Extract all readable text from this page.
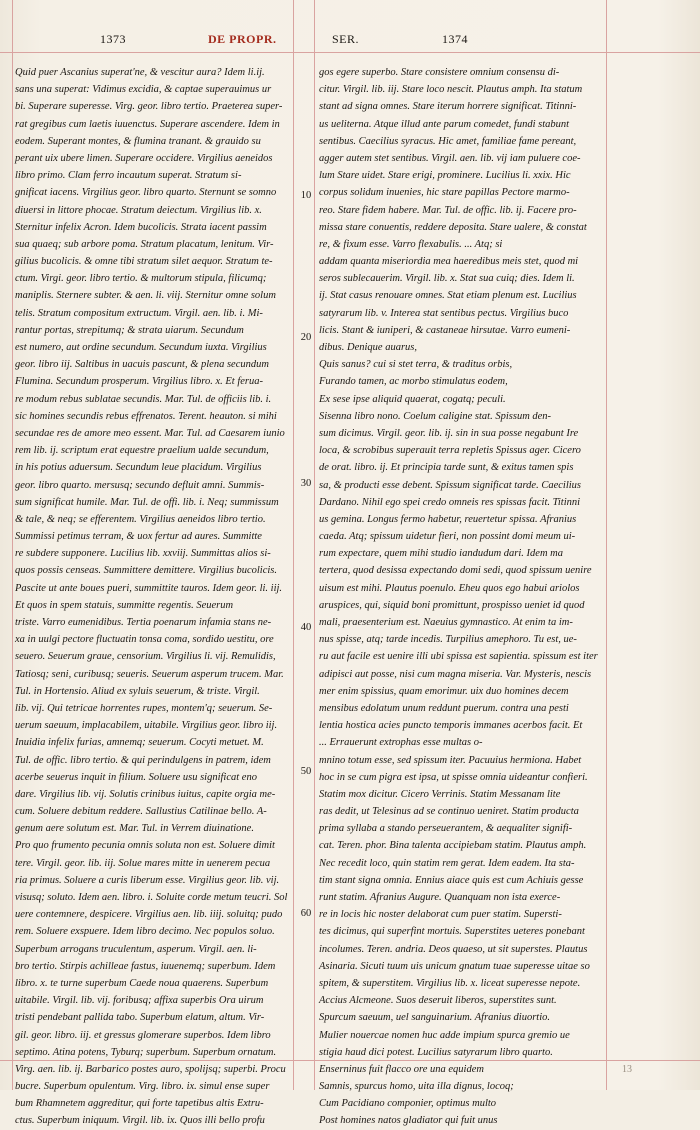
1373	DE PROPR.	SER.	1374
Quid puer Ascanius superat'ne, & vescitur aura? Idem li.ij.
sans una superat: Vidimus excidia, & captae superauimus ur
bi. Superare superesse. Virg. geor. libro tertio. Praeterea super-
rat gregibus cum laetis iuuenctus. Superare ascendere. Idem in
eodem. Superant montes, & flumina tranant. & grauido su
perant uix ubere limen. Superare occidere. Virgilius aeneidos
libro primo. Clam ferro incautum superat. Stratum si-
gnificat iacens. Virgilius geor. libro quarto. Sternunt se somno
diuersi in littore phocae. Stratum deiectum. Virgilius lib. x.
Sternitur infelix Acron. Idem bucolicis. Strata iacent passim
sua quaeq; sub arbore poma. Stratum placatum, lenitum. Vir-
gilius bucolicis. & omne tibi stratum silet aequor. Stratum te-
ctum. Virgi. geor. libro tertio. & multorum stipula, filicumq;
maniplis. Sternere subter. & aen. li. viij. Sternitur omne solum
telis. Stratum compositum extructum. Virgil. aen. lib. i. Mi-
rantur portas, strepitumq; & strata uiarum. Secundum
est numero, aut ordine secundum. Secundum iuxta. Virgilius
geor. libro iij. Saltibus in uacuis pascunt, & plena secundum
Flumina. Secundum prosperum. Virgilius libro. x. Et ferua-
re modum rebus sublatae secundis. Mar. Tul. de officiis lib. i.
sic homines secundis rebus effrenatos. Terent. heauton. si mihi
secundae res de amore meo essent. Mar. Tul. ad Caesarem iunio
rem lib. ij. scriptum erat equestre praelium ualde secundum,
in his potius aduersum. Secundum leue placidum. Virgilius
geor. libro quarto. mersusq; secundo defluit amni. Summis-
sum significat humile. Mar. Tul. de offi. lib. i. Neq; summissum
& tale, & neq; se efferentem. Virgilius aeneidos libro tertio.
Summissi petimus terram, & uox fertur ad aures. Summitte
re subdere supponere. Lucilius lib. xxviij. Summittas alios si-
quos possis censeas. Summittere demittere. Virgilius bucolicis.
Pascite ut ante boues pueri, summittite tauros. Idem geor. li. iij.
Et quos in spem statuis, summitte regentis. Seuerum
triste. Varro eumenidibus. Tertia poenarum infamia stans ne-
xa in uulgi pectore fluctuatin tonsa coma, sordido uestitu, ore
seuero. Seuerum graue, censorium. Virgilius li. vij. Remulidis,
Tatiosq; seni, curibusq; seueris. Seuerum asperum trucem. Mar.
Tul. in Hortensio. Aliud ex syluis seuerum, & triste. Virgil.
lib. vij. Qui tetricae horrentes rupes, montem'q; seuerum. Se-
uerum saeuum, implacabilem, uitabile. Virgilius geor. libro iij.
Inuidia infelix furias, amnemq; seuerum. Cocyti metuet. M.
Tul. de offic. libro tertio. & qui perindulgens in patrem, idem
acerbe seuerus inquit in filium. Soluere usu significat eno
dare. Virgilius lib. vij. Solutis crinibus iuitus, capite orgia me-
cum. Soluere debitum reddere. Sallustius Catilinae bello. A-
genum aere solutum est. Mar. Tul. in Verrem diuinatione.
Pro quo frumento pecunia omnis soluta non est. Soluere dimit
tere. Virgil. geor. lib. iij. Solue mares mitte in uenerem pecua
ria primus. Soluere a curis liberum esse. Virgilius geor. lib. vij.
visusq; soluto. Idem aen. libro. i. Soluite corde metum teucri. Sol
uere contemnere, despicere. Virgilius aen. lib. iiij. soluitq; pudo
rem. Soluere exspuere. Idem libro decimo. Nec populos soluo.
Superbum arrogans truculentum, asperum. Virgil. aen. li-
bro tertio. Stirpis achilleae fastus, iuuenemq; superbum. Idem
libro. x. te turne superbum Caede noua quaerens. Superbum
uitabile. Virgil. lib. vij. foribusq; affixa superbis Ora uirum
tristi pendebant pallida tabo. Superbum elatum, altum. Vir-
gil. geor. libro. iij. et gressus glomerare superbos. Idem libro
septimo. Atina potens, Tyburq; superbum. Superbum ornatum.
Virg. aen. lib. ij. Barbarico postes auro, spolijsq; superbi. Procu
bucre. Superbum opulentum. Virg. libro. ix. simul ense super
bum Rhamnetem aggreditur, qui forte tapetibus altis Extru-
ctus. Superbum iniquum. Virgil. lib. ix. Quos illi bello profu
10
20
30
40
50
60
gos egere superbo. Stare consistere omnium consensu di-
citur. Virgil. lib. iij. Stare loco nescit. Plautus amph. Ita statum
stant ad signa omnes. Stare iterum horrere significat. Titinni-
us ueliterna. Atque illud ante parum comedet, fundi stabunt
sentibus. Caecilius syracus. Hic amet, familiae fame pereant,
agger autem stet sentibus. Virgil. aen. lib. vij iam puluere coe-
lum Stare uidet. Stare erigi, prominere. Lucilius li. xxix. Hic
corpus solidum inuenies, hic stare papillas Pectore marmo-
reo. Stare fidem habere. Mar. Tul. de offic. lib. ij. Facere pro-
missa stare conuentis, reddere deposita. Stare ualere, & constat
re, & fixum esse. Varro flexabulis. ... Atq; si
addam quanta miseriordia mea haeredibus meis stet, quod mi
seros sublecauerim. Virgil. lib. x. Stat sua cuiq; dies. Idem li.
ij. Stat casus renouare omnes. Stat etiam plenum est. Lucilius
satyrarum lib. v. Interea stat sentibus pectus. Virgilius buco
licis. Stant & iuniperi, & castaneae hirsutae. Varro eumeni-
dibus. Denique auarus,
Quis sanus? cui si stet terra, & traditus orbis,
Furando tamen, ac morbo stimulatus eodem,
Ex sese ipse aliquid quaerat, cogatq; peculi.
Sisenna libro nono. Coelum caligine stat. Spissum den-
sum dicimus. Virgil. geor. lib. ij. sin in sua posse negabunt Ire
loca, & scrobibus superauit terra repletis Spissus ager. Cicero
de orat. libro. ij. Et principia tarde sunt, & exitus tamen spis
sa, & producti esse debent. Spissum significat tarde. Caecilius
Dardano. Nihil ego spei credo omneis res spissas facit. Titinni
us gemina. Longus fermo habetur, reuertetur spissa. Afranius
caeda. Atq; spissum uidetur fieri, non possint domi meum ui-
rum expectare, quem mihi studio iandudum dari. Idem ma
tertera, quod desissa expectando domi sedi, quod spissum uenire
uisum est mihi. Plautus poenulo. Eheu quos ego habui ariolos
aruspices, qui, siquid boni promittunt, prospisso ueniet id quod
mali, praesenterium est. Naeuius gymnastico. At enim ta im-
nus spisse, atq; tarde incedis. Turpilius amephoro. Tu est, ue-
ru aut facile est uenire illi ubi spissa est sapientia. spissum est iter
adipisci aut posse, nisi cum magna miseria. Var. Mysteris, nescis
mer enim spissius, quam emorimur. uix duo homines decem
mensibus edolatum unum reddunt puerum. contra una pesti
lentia hostica acies puncto temporis immanes acerbos facit. Et
... Errauerunt extrophas esse multas o-
mnino totum esse, sed spissum iter. Pacuuius hermiona. Habet
hoc in se cum pigra est ipsa, ut spisse omnia uideantur confieri.
Statim mox dicitur. Cicero Verrinis. Statim Messanam lite
ras dedit, ut Telesinus ad se continuo ueniret. Statim producta
prima syllaba a stando perseuerantem, & aequaliter signifi-
cat. Teren. phor. Bina talenta accipiebam statim. Plautus amph.
Nec recedit loco, quin statim rem gerat. Idem eadem. Ita sta-
tim stant signa omnia. Ennius aiace quis est cum Achiuis gesse
runt statim. Afranius Augure. Quanquam non ista exerce-
re in locis hic noster delaborat cum puer statim. Supersti-
tes dicimus, qui superfint mortuis. Superstites ueteres ponebant
incolumes. Teren. andria. Deos quaeso, ut sit superstes. Plautus
Asinaria. Sicuti tuum uis unicum gnatum tuae superesse uitae so
spitem, & superstitem. Virgilius lib. x. liceat superesse nepote.
Accius Alcmeone. Suos deseruit liberos, superstites sunt.
Spurcum saeuum, uel sanguinarium. Afranius diuortio.
Mulier nouercae nomen huc adde impium spurca gremio ue
stigia haud dici potest. Lucilius satyrarum libro quarto.
Enserninus fuit flacco ore una equidem
Samnis, spurcus homo, uita illa dignus, locoq;
Cum Pacidiano componier, optimus multo
Post homines natos gladiator qui fuit unus
13
